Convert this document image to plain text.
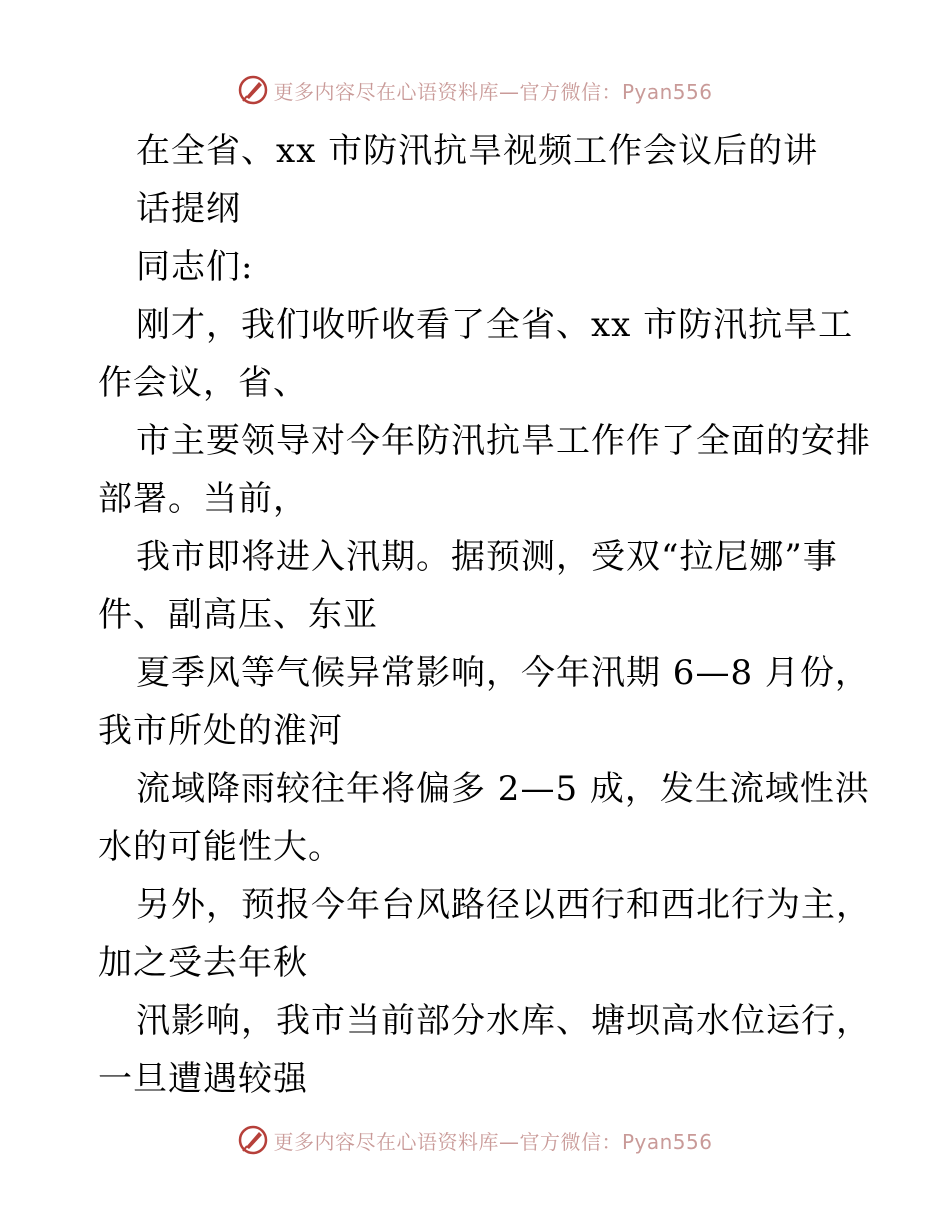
更多内容尽在心语资料库—官方微信：Pyan556
在全省、xx 市防汛抗旱视频工作会议后的讲
话提纲
同志们:
刚才，我们收听收看了全省、xx 市防汛抗旱工
作会议，省、
市主要领导对今年防汛抗旱工作作了全面的安排
部署。当前，
我市即将进入汛期。据预测，受双“拉尼娜”事
件、副高压、东亚
夏季风等气候异常影响，今年汛期 6—8 月份，
我市所处的淮河
流域降雨较往年将偏多 2—5 成，发生流域性洪
水的可能性大。
另外，预报今年台风路径以西行和西北行为主，
加之受去年秋
汛影响，我市当前部分水库、塘坝高水位运行，
一旦遭遇较强
更多内容尽在心语资料库—官方微信：Pyan556
